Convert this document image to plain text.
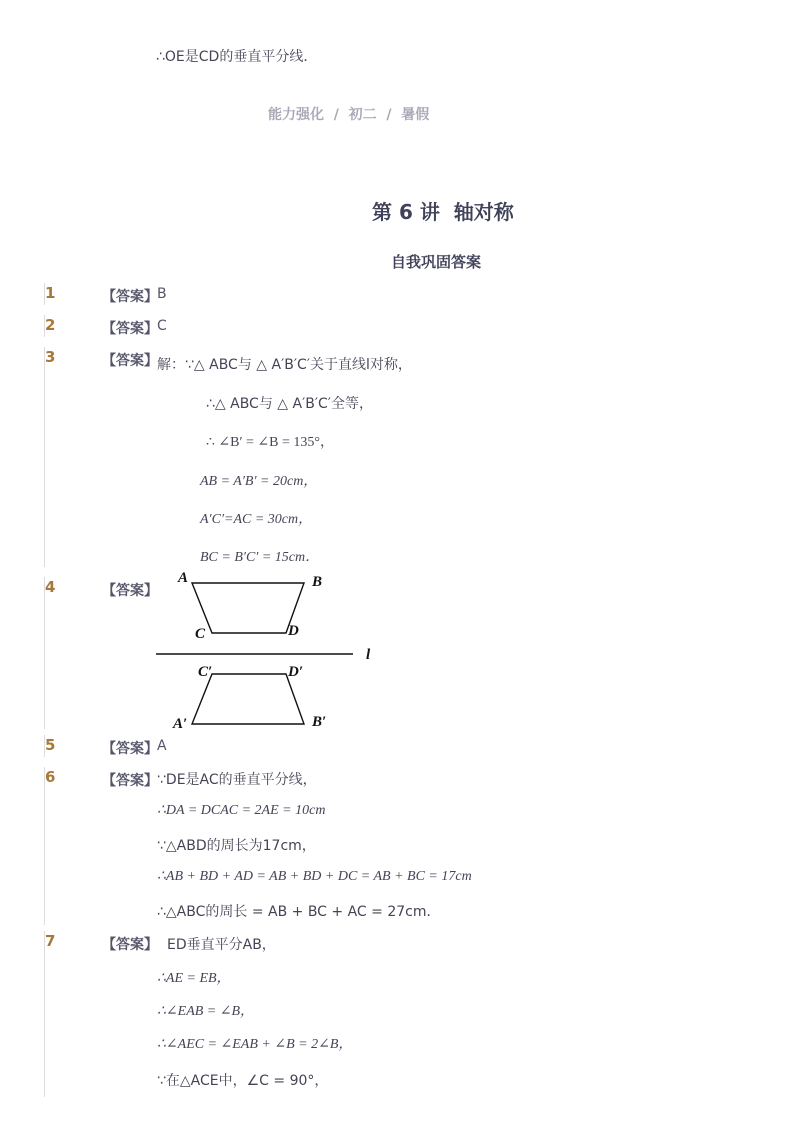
∴OE是CD的垂直平分线．
能力强化  /  初二  /  暑假
第 6 讲  轴对称
自我巩固答案
1	【答案】 B
2	【答案】 C
3	【答案】 解：∵△ ABC与 △ A′B′C′关于直线l对称，
∴△ ABC与 △ A′B′C′全等，
∴ ∠B′ = ∠B = 135°，
AB = A′B′ = 20cm，
A′C′=AC = 30cm，
BC = B′C′ = 15cm．
4	【答案】
A	B
C	D
l
C′	D′
A′	B′
5	【答案】 A
6	【答案】 ∵DE是AC的垂直平分线，
∴DA = DCAC = 2AE = 10cm
∵△ABD的周长为17cm，
∴AB + BD + AD = AB + BD + DC = AB + BC = 17cm
∴△ABC的周长 = AB + BC + AC = 27cm．
7	【答案】 ED垂直平分AB，
∴AE = EB，
∴∠EAB = ∠B，
∴∠AEC = ∠EAB + ∠B = 2∠B，
∵在△ACE中，∠C = 90°，
